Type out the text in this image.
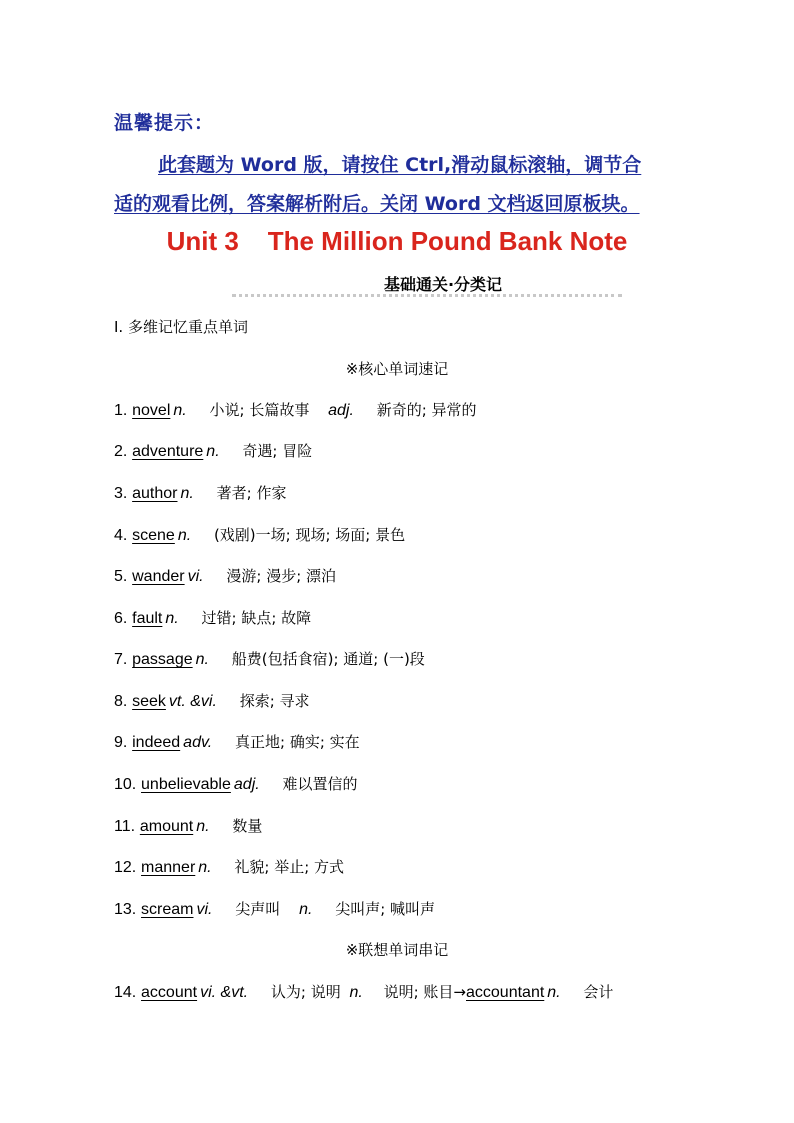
温馨提示：
此套题为 Word 版，请按住 Ctrl,滑动鼠标滚轴，调节合
适的观看比例，答案解析附后。关闭 Word 文档返回原板块。
Unit 3    The Million Pound Bank Note
基础通关·分类记
Ⅰ. 多维记忆重点单词
※核心单词速记
1. novel n. 小说; 长篇故事 adj. 新奇的; 异常的
2. adventure n. 奇遇; 冒险
3. author n. 著者; 作家
4. scene n. (戏剧)一场; 现场; 场面; 景色
5. wander vi. 漫游; 漫步; 漂泊
6. fault n. 过错; 缺点; 故障
7. passage n. 船费(包括食宿); 通道; (一)段
8. seek vt. &vi. 探索; 寻求
9. indeed adv. 真正地; 确实; 实在
10. unbelievable adj. 难以置信的
11. amount n. 数量
12. manner n. 礼貌; 举止; 方式
13. scream vi. 尖声叫 n. 尖叫声; 喊叫声
※联想单词串记
14. account vi. &vt. 认为; 说明 n. 说明; 账目→accountant n. 会计
